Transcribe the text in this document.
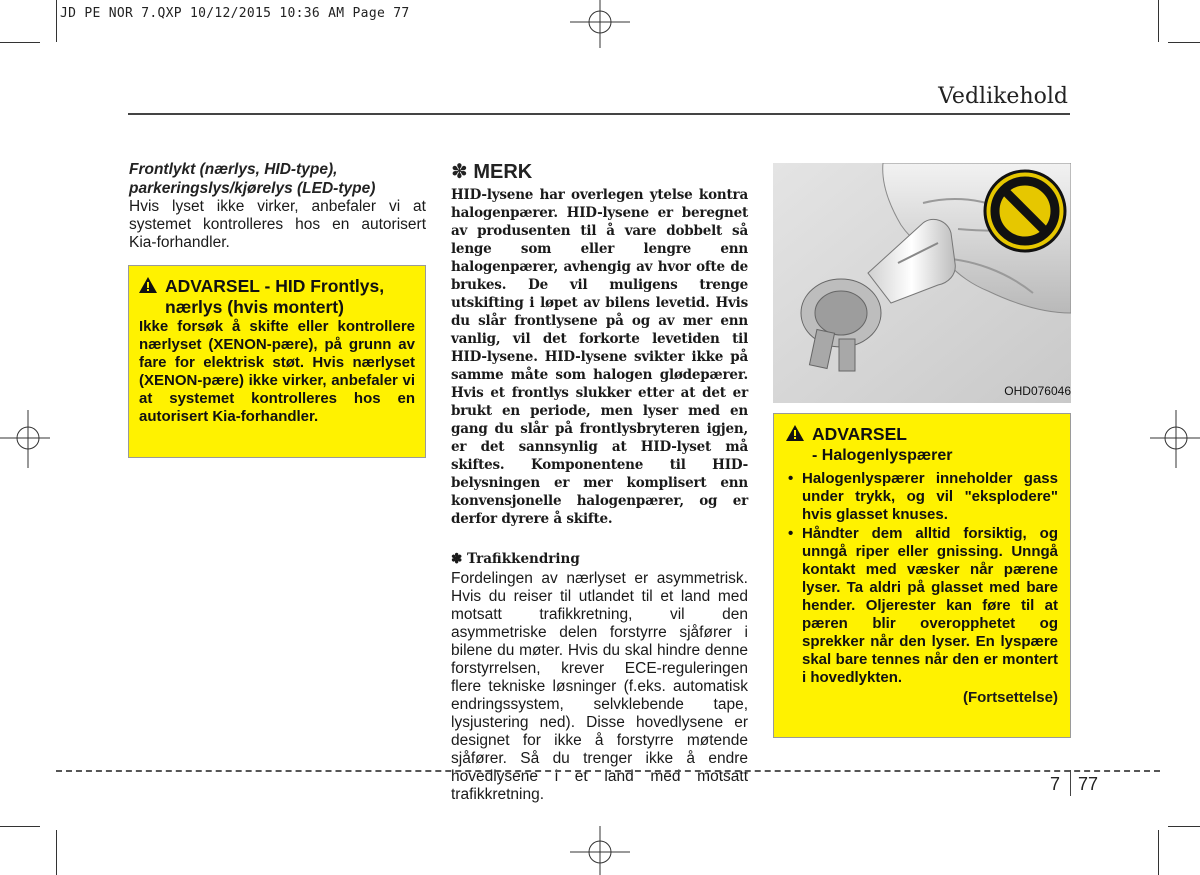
JD PE NOR 7.QXP 10/12/2015 10:36 AM Page 77
Vedlikehold
Frontlykt (nærlys, HID-type),
parkeringslys/kjørelys (LED-type)
Hvis lyset ikke virker, anbefaler vi at systemet kontrolleres hos en autorisert Kia-forhandler.
ADVARSEL - HID Frontlys,
nærlys (hvis montert)
Ikke forsøk å skifte eller kontrollere nærlyset (XENON-pære), på grunn av fare for elektrisk støt. Hvis nærlyset (XENON-pære) ikke virker, anbefaler vi at systemet kontrolleres hos en autorisert Kia-forhandler.
✽ MERK
HID-lysene har overlegen ytelse kontra halogenpærer. HID-lysene er beregnet av produsenten til å vare dobbelt så lenge som eller lengre enn halogenpærer, avhengig av hvor ofte de brukes. De vil muligens trenge utskifting i løpet av bilens levetid. Hvis du slår frontlysene på og av mer enn vanlig, vil det forkorte levetiden til HID-lysene. HID-lysene svikter ikke på samme måte som halogen glødepærer. Hvis et frontlys slukker etter at det er brukt en periode, men lyser med en gang du slår på frontlysbryteren igjen, er det sannsynlig at HID-lyset må skiftes. Komponentene til HID-belysningen er mer komplisert enn konvensjonelle halogenpærer, og er derfor dyrere å skifte.
✽ Trafikkendring
Fordelingen av nærlyset er asymmetrisk. Hvis du reiser til utlandet til et land med motsatt trafikkretning, vil den asymmetriske delen forstyrre sjåfører i bilene du møter. Hvis du skal hindre denne forstyrrelsen, krever ECE-reguleringen flere tekniske løsninger (f.eks. automatisk endringssystem, selvklebende tape, lysjustering ned). Disse hovedlysene er designet for ikke å forstyrre møtende sjåfører. Så du trenger ikke å endre hovedlysene i et land med motsatt trafikkretning.
OHD076046
ADVARSEL
- Halogenlyspærer
• Halogenlyspærer inneholder gass under trykk, og vil "eksplodere" hvis glasset knuses.
• Håndter dem alltid forsiktig, og unngå riper eller gnissing. Unngå kontakt med væsker når pærene lyser. Ta aldri på glasset med bare hender. Oljerester kan føre til at pæren blir overopphetet og sprekker når den lyser. En lyspære skal bare tennes når den er montert i hovedlykten.
(Fortsettelse)
7 77
